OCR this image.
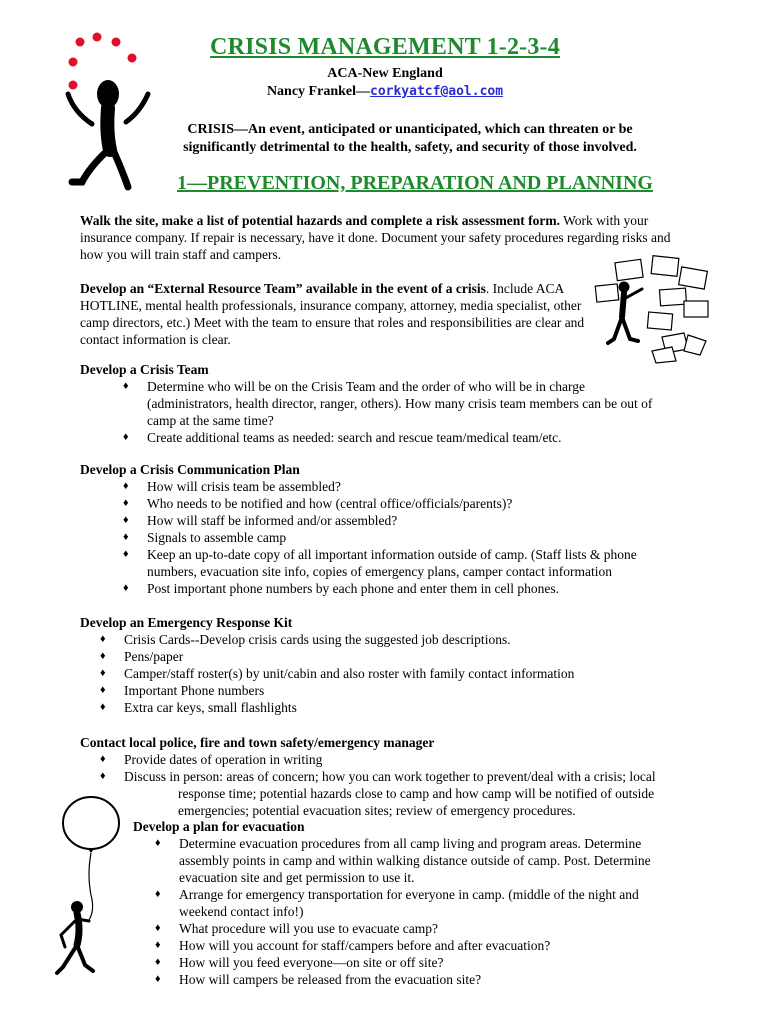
CRISIS MANAGEMENT 1-2-3-4
ACA-New England
Nancy Frankel—corkyatcf@aol.com
CRISIS—An event, anticipated or unanticipated, which can threaten or be significantly detrimental to the health, safety, and security of those involved.
1—PREVENTION, PREPARATION AND PLANNING
Walk the site, make a list of potential hazards and complete a risk assessment form. Work with your insurance company. If repair is necessary, have it done. Document your safety procedures regarding risks and how you will train staff and campers.
Develop an “External Resource Team” available in the event of a crisis. Include ACA HOTLINE, mental health professionals, insurance company, attorney, media specialist, other camp directors, etc.) Meet with the team to ensure that roles and responsibilities are clear and contact information is clear.
Develop a Crisis Team
♦ Determine who will be on the Crisis Team and the order of who will be in charge (administrators, health director, ranger, others). How many crisis team members can be out of camp at the same time?
♦ Create additional teams as needed: search and rescue team/medical team/etc.
Develop a Crisis Communication Plan
♦ How will crisis team be assembled?
♦ Who needs to be notified and how (central office/officials/parents)?
♦ How will staff be informed and/or assembled?
♦ Signals to assemble camp
♦ Keep an up-to-date copy of all important information outside of camp. (Staff lists & phone numbers, evacuation site info, copies of emergency plans, camper contact information
♦ Post important phone numbers by each phone and enter them in cell phones.
Develop an Emergency Response Kit
♦ Crisis Cards--Develop crisis cards using the suggested job descriptions.
♦ Pens/paper
♦ Camper/staff roster(s) by unit/cabin and also roster with family contact information
♦ Important Phone numbers
♦ Extra car keys, small flashlights
Contact local police, fire and town safety/emergency manager
♦ Provide dates of operation in writing
♦ Discuss in person: areas of concern; how you can work together to prevent/deal with a crisis; local
response time; potential hazards close to camp and how camp will be notified of outside emergencies; potential evacuation sites; review of emergency procedures.
Develop a plan for evacuation
♦ Determine evacuation procedures from all camp living and program areas. Determine assembly points in camp and within walking distance outside of camp. Post. Determine evacuation site and get permission to use it.
♦ Arrange for emergency transportation for everyone in camp. (middle of the night and weekend contact info!)
♦ What procedure will you use to evacuate camp?
♦ How will you account for staff/campers before and after evacuation?
♦ How will you feed everyone—on site or off site?
♦ How will campers be released from the evacuation site?
